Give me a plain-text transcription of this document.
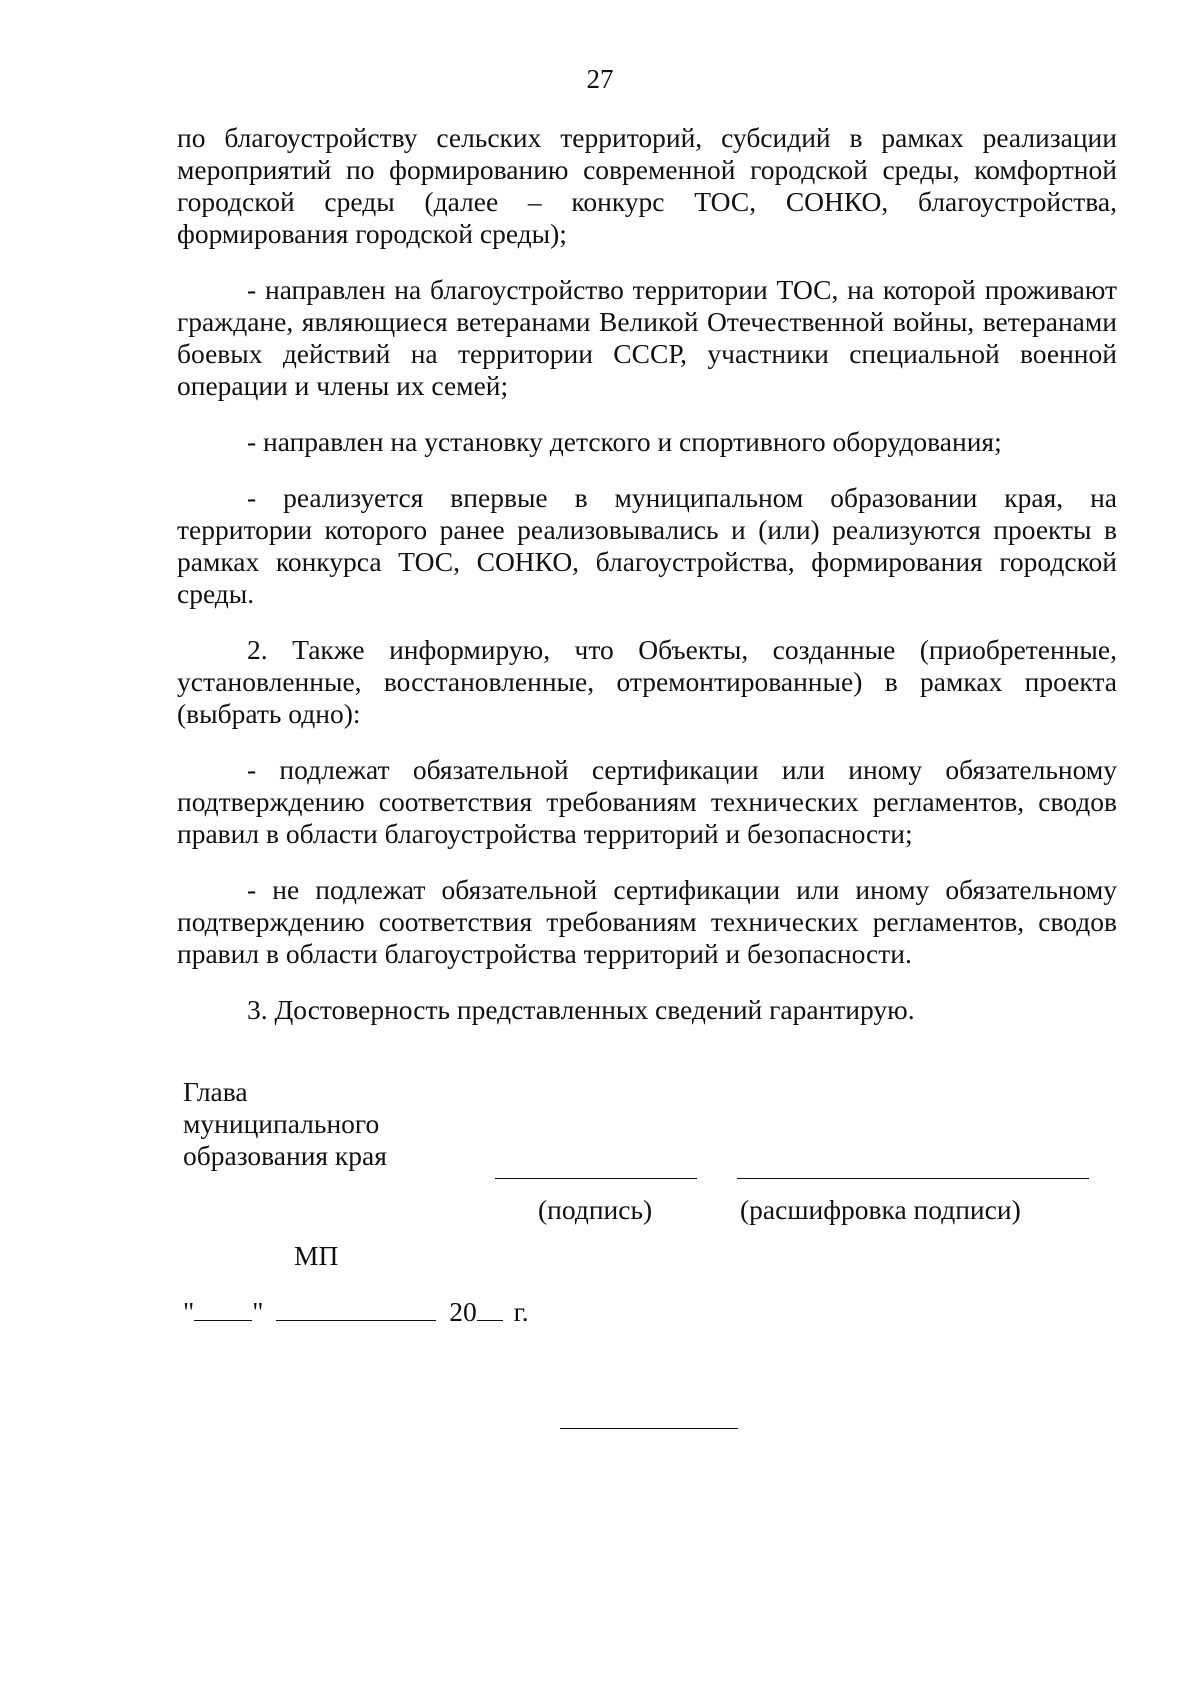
27

по благоустройству сельских территорий, субсидий в рамках реализации мероприятий по формированию современной городской среды, комфортной городской среды (далее – конкурс ТОС, СОНКО, благоустройства, формирования городской среды);

- направлен на благоустройство территории ТОС, на которой проживают граждане, являющиеся ветеранами Великой Отечественной войны, ветеранами боевых действий на территории СССР, участники специальной военной операции и члены их семей;

- направлен на установку детского и спортивного оборудования;

- реализуется впервые в муниципальном образовании края, на территории которого ранее реализовывались и (или) реализуются проекты в рамках конкурса ТОС, СОНКО, благоустройства, формирования городской среды.

2. Также информирую, что Объекты, созданные (приобретенные, установленные, восстановленные, отремонтированные) в рамках проекта (выбрать одно):

- подлежат обязательной сертификации или иному обязательному подтверждению соответствия требованиям технических регламентов, сводов правил в области благоустройства территорий и безопасности;

- не подлежат обязательной сертификации или иному обязательному подтверждению соответствия требованиям технических регламентов, сводов правил в области благоустройства территорий и безопасности.

3. Достоверность представленных сведений гарантирую.

Глава
муниципального
образования края
(подпись)	(расшифровка подписи)
МП
" "	20 г.
